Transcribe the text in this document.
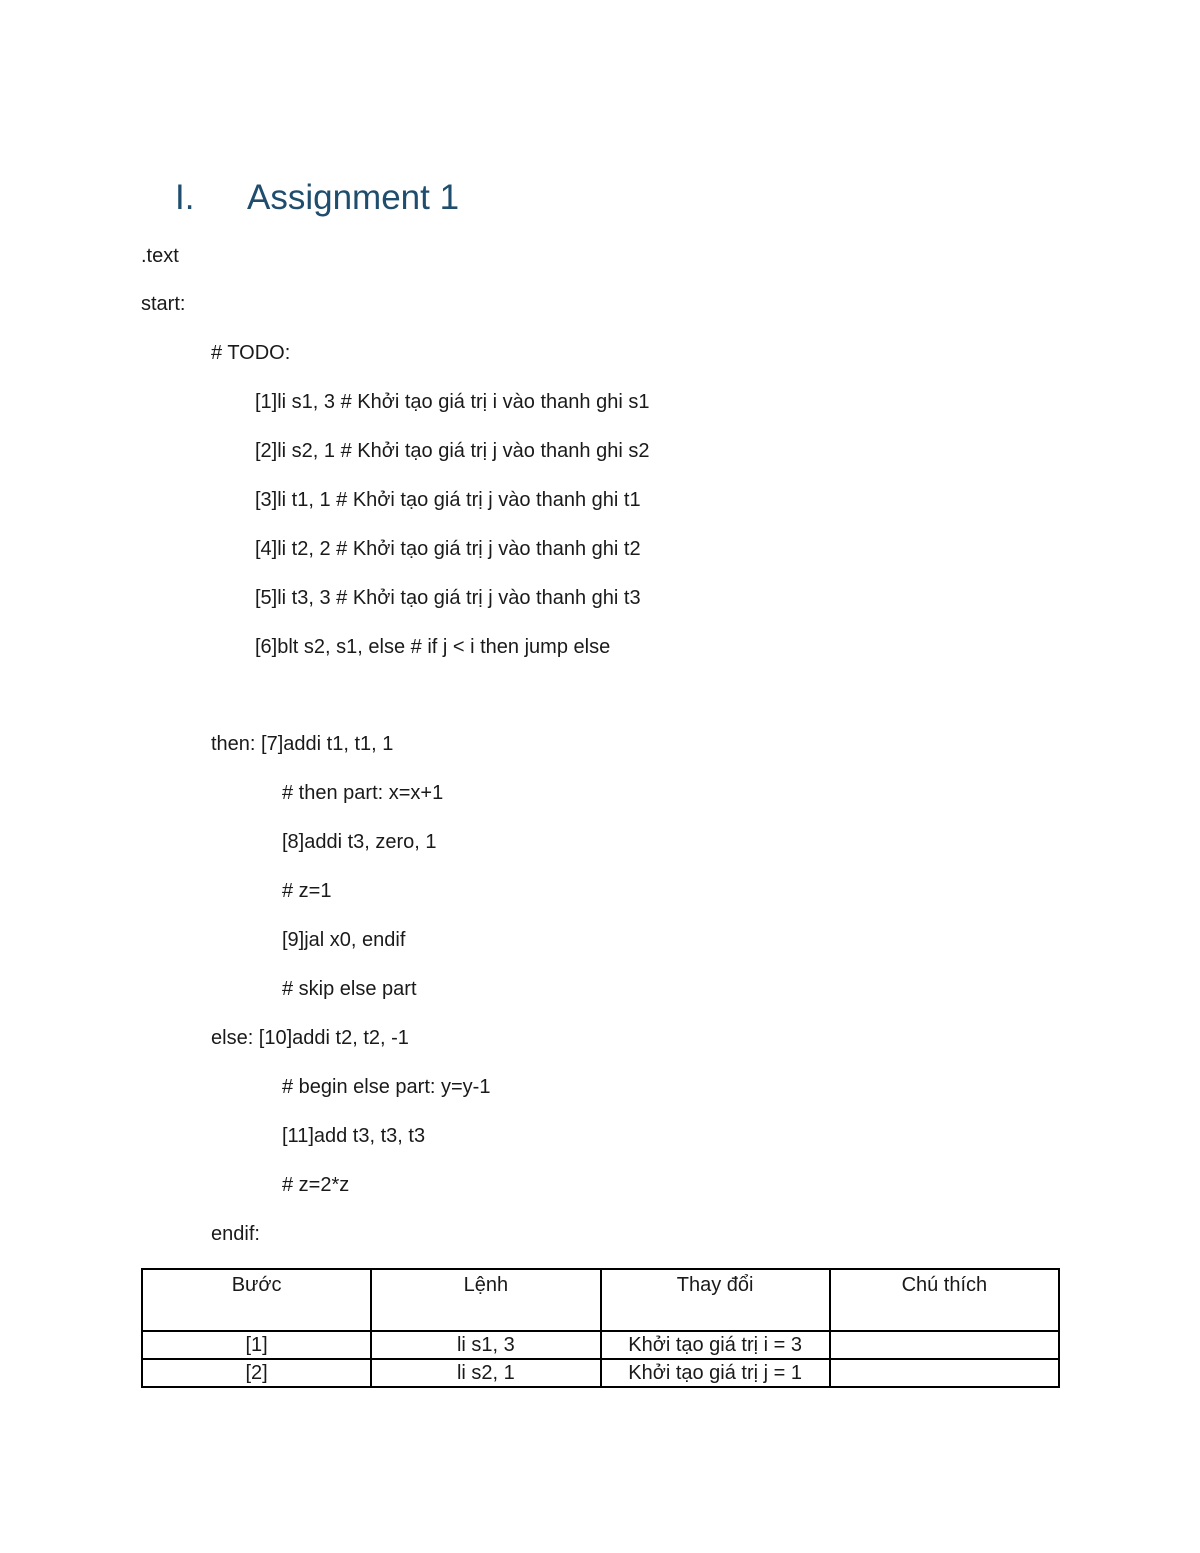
I. Assignment 1
.text
start:
# TODO:
[1]li s1, 3 # Khởi tạo giá trị i vào thanh ghi s1
[2]li s2, 1 # Khởi tạo giá trị j vào thanh ghi s2
[3]li t1, 1 # Khởi tạo giá trị j vào thanh ghi t1
[4]li t2, 2 # Khởi tạo giá trị j vào thanh ghi t2
[5]li t3, 3 # Khởi tạo giá trị j vào thanh ghi t3
[6]blt s2, s1, else # if j < i then jump else
then: [7]addi t1, t1, 1
# then part: x=x+1
[8]addi t3, zero, 1
# z=1
[9]jal x0, endif
# skip else part
else: [10]addi t2, t2, -1
# begin else part: y=y-1
[11]add t3, t3, t3
# z=2*z
endif:
Bước	Lệnh	Thay đổi	Chú thích
[1]	li s1, 3	Khởi tạo giá trị i = 3	
[2]	li s2, 1	Khởi tạo giá trị j = 1	
